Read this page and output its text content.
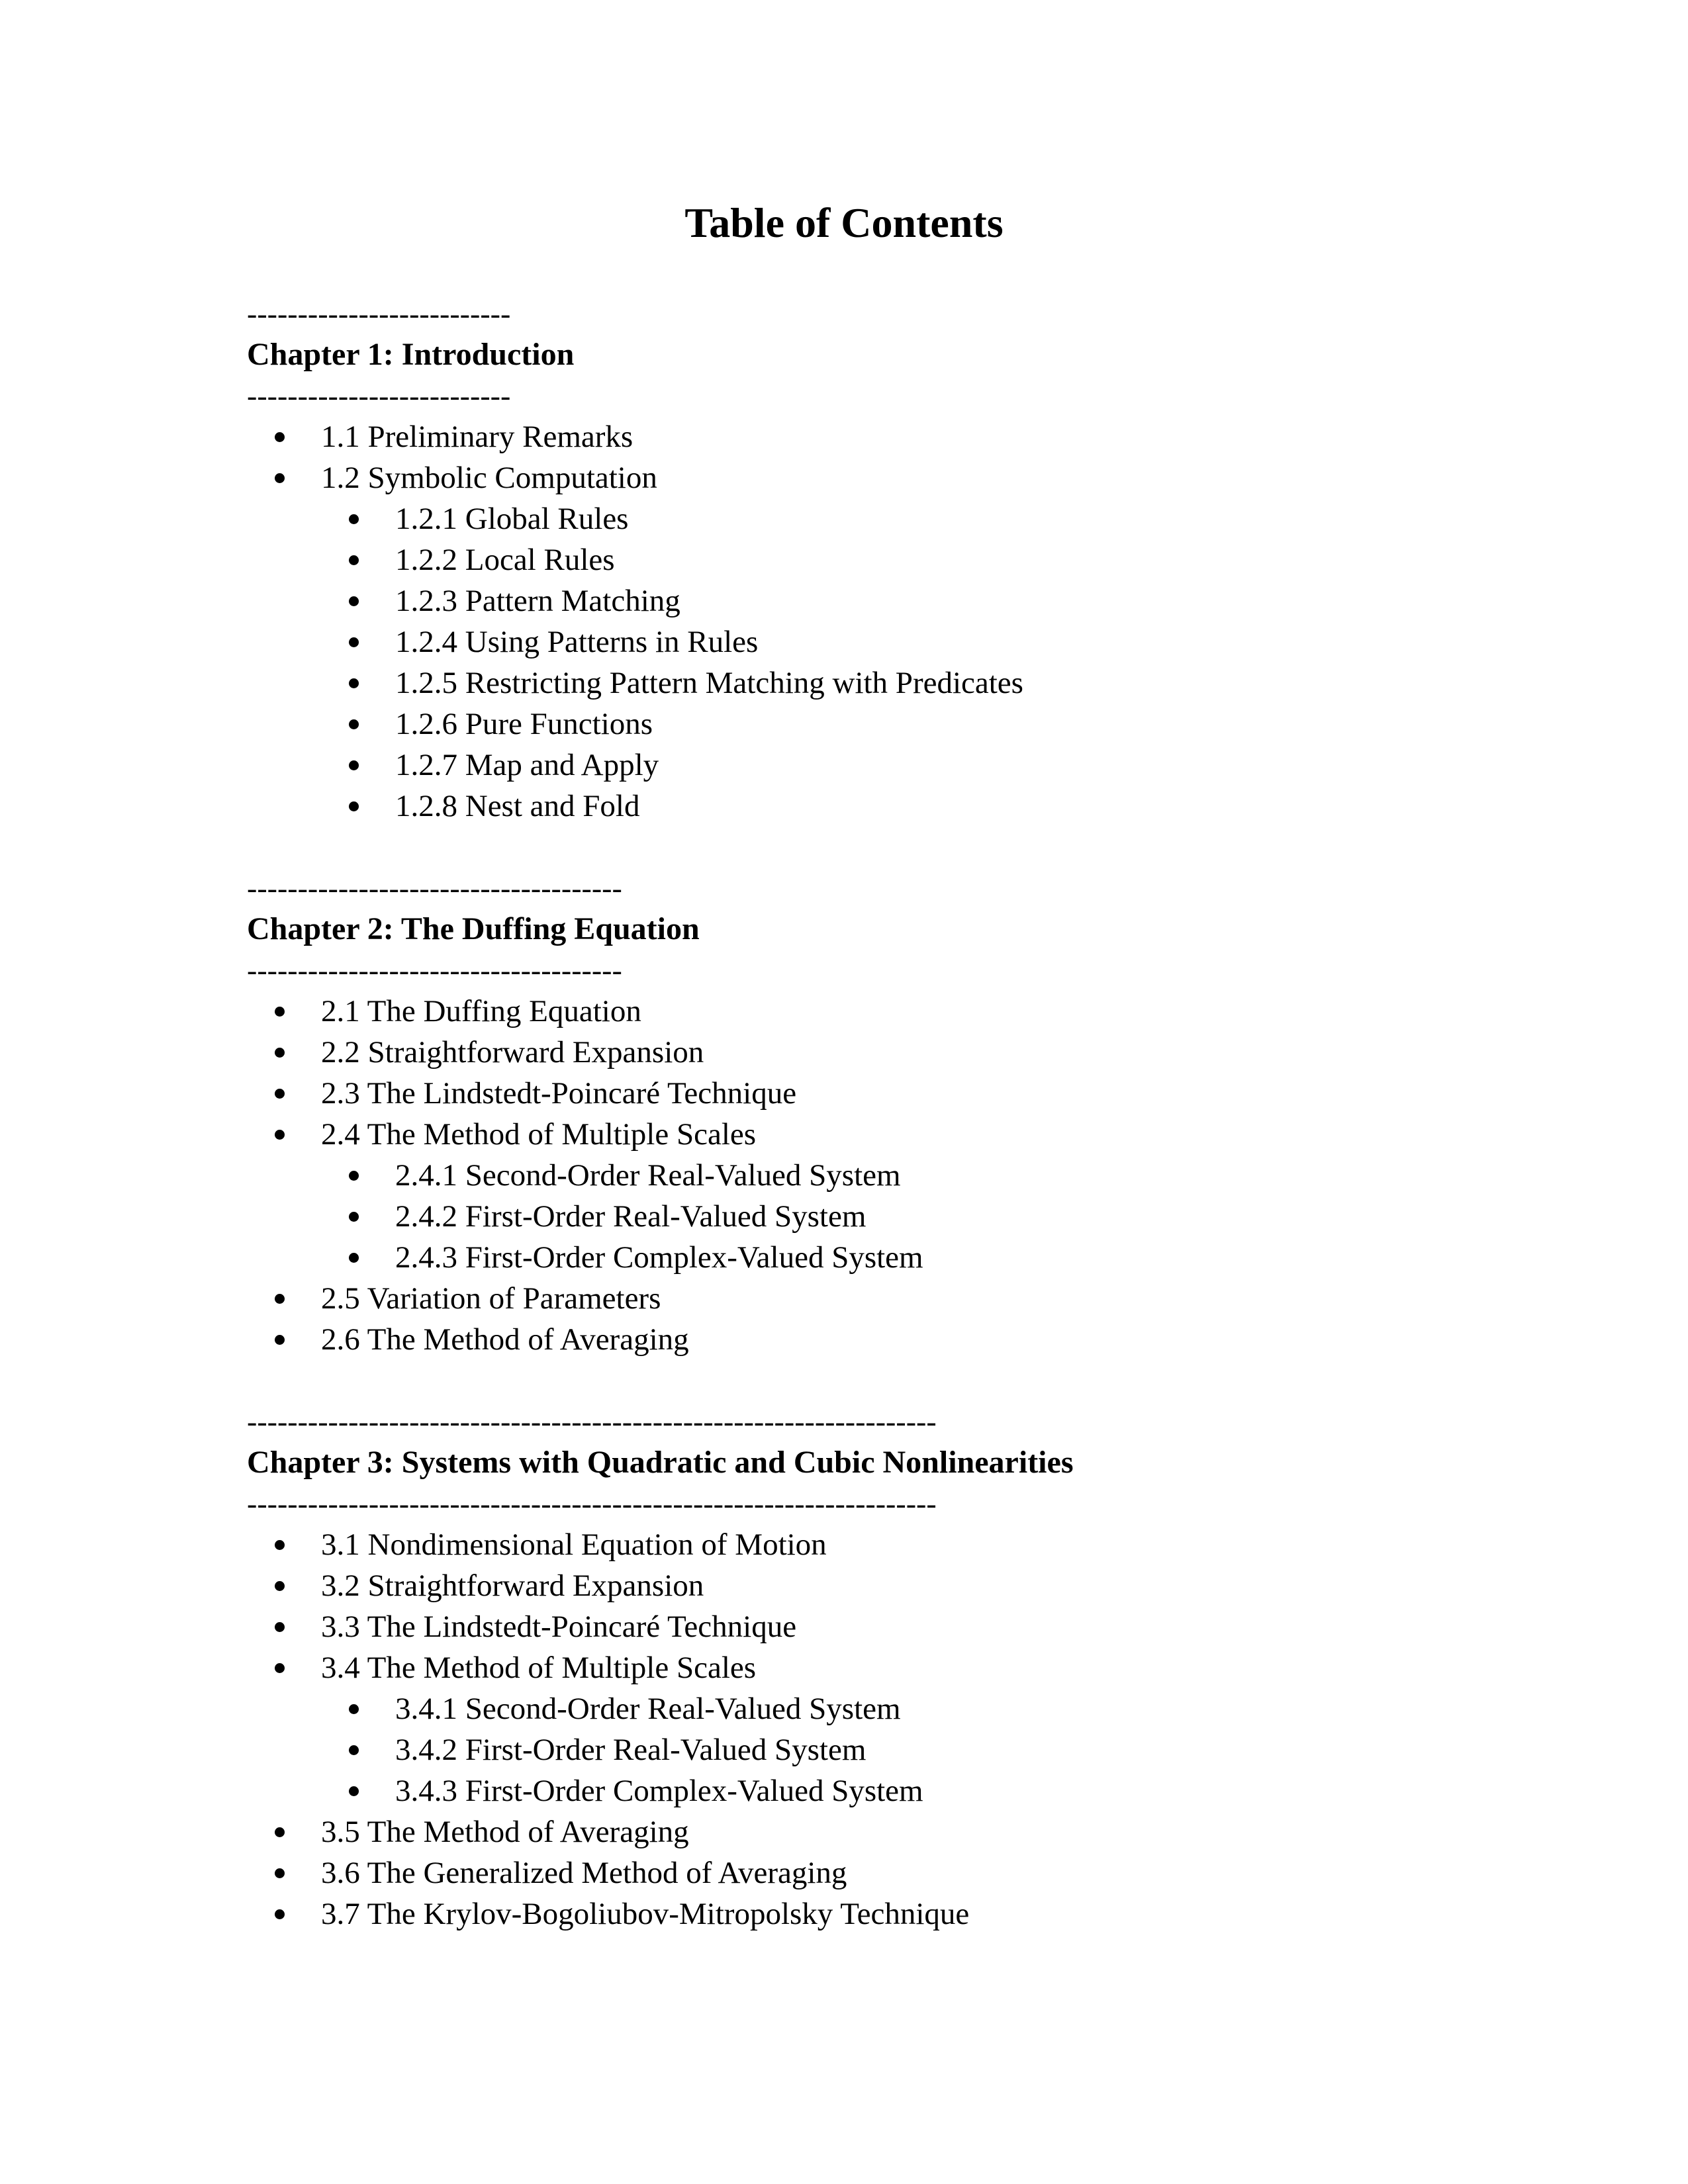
Table of Contents
--------------------------
Chapter 1: Introduction
--------------------------
1.1 Preliminary Remarks
1.2 Symbolic Computation
1.2.1 Global Rules
1.2.2 Local Rules
1.2.3 Pattern Matching
1.2.4 Using Patterns in Rules
1.2.5 Restricting Pattern Matching with Predicates
1.2.6 Pure Functions
1.2.7 Map and Apply
1.2.8 Nest and Fold
-------------------------------------
Chapter 2: The Duffing Equation
-------------------------------------
2.1 The Duffing Equation
2.2 Straightforward Expansion
2.3 The Lindstedt-Poincaré Technique
2.4 The Method of Multiple Scales
2.4.1 Second-Order Real-Valued System
2.4.2 First-Order Real-Valued System
2.4.3 First-Order Complex-Valued System
2.5 Variation of Parameters
2.6 The Method of Averaging
--------------------------------------------------------------------
Chapter 3: Systems with Quadratic and Cubic Nonlinearities
--------------------------------------------------------------------
3.1 Nondimensional Equation of Motion
3.2 Straightforward Expansion
3.3 The Lindstedt-Poincaré Technique
3.4 The Method of Multiple Scales
3.4.1 Second-Order Real-Valued System
3.4.2 First-Order Real-Valued System
3.4.3 First-Order Complex-Valued System
3.5 The Method of Averaging
3.6 The Generalized Method of Averaging
3.7 The Krylov-Bogoliubov-Mitropolsky Technique
